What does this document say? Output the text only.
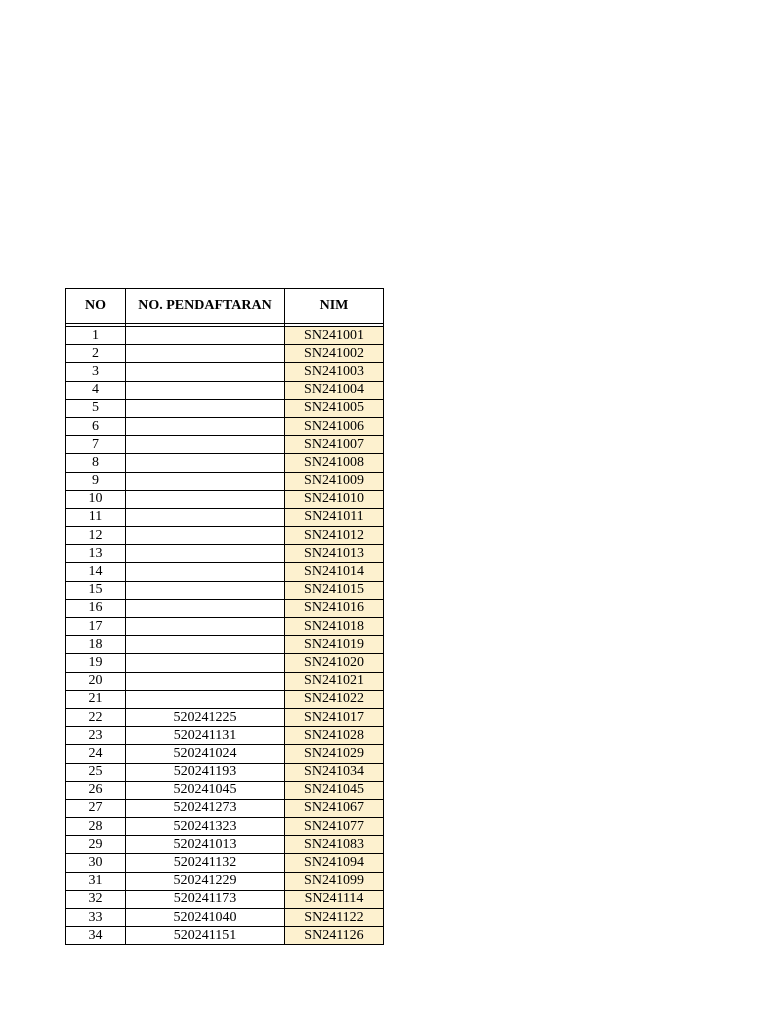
NO	NO. PENDAFTARAN	NIM

1		SN241001
2		SN241002
3		SN241003
4		SN241004
5		SN241005
6		SN241006
7		SN241007
8		SN241008
9		SN241009
10		SN241010
11		SN241011
12		SN241012
13		SN241013
14		SN241014
15		SN241015
16		SN241016
17		SN241018
18		SN241019
19		SN241020
20		SN241021
21		SN241022
22	520241225	SN241017
23	520241131	SN241028
24	520241024	SN241029
25	520241193	SN241034
26	520241045	SN241045
27	520241273	SN241067
28	520241323	SN241077
29	520241013	SN241083
30	520241132	SN241094
31	520241229	SN241099
32	520241173	SN241114
33	520241040	SN241122
34	520241151	SN241126
